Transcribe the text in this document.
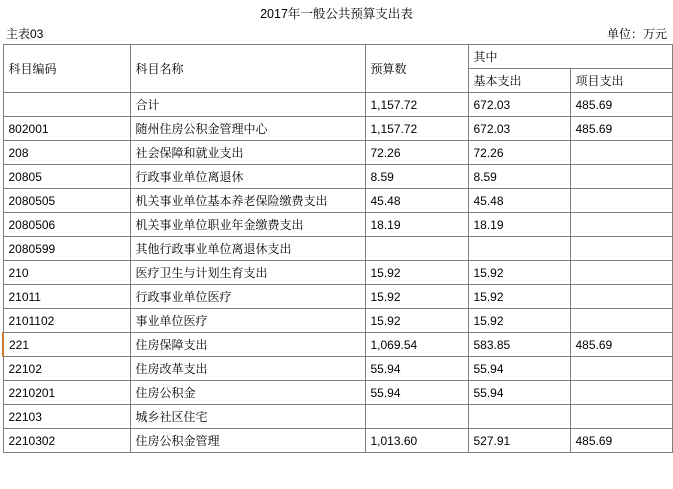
2017年一般公共预算支出表
主表03	单位：万元
科目编码	科目名称	预算数	其中	
			基本支出	项目支出
	合计	1,157.72	672.03	485.69
802001	随州住房公积金管理中心	1,157.72	672.03	485.69
208	社会保障和就业支出	72.26	72.26	
20805	行政事业单位离退休	8.59	8.59	
2080505	机关事业单位基本养老保险缴费支出	45.48	45.48	
2080506	机关事业单位职业年金缴费支出	18.19	18.19	
2080599	其他行政事业单位离退休支出			
210	医疗卫生与计划生育支出	15.92	15.92	
21011	行政事业单位医疗	15.92	15.92	
2101102	事业单位医疗	15.92	15.92	
221	住房保障支出	1,069.54	583.85	485.69
22102	住房改革支出	55.94	55.94	
2210201	住房公积金	55.94	55.94	
22103	城乡社区住宅			
2210302	住房公积金管理	1,013.60	527.91	485.69
